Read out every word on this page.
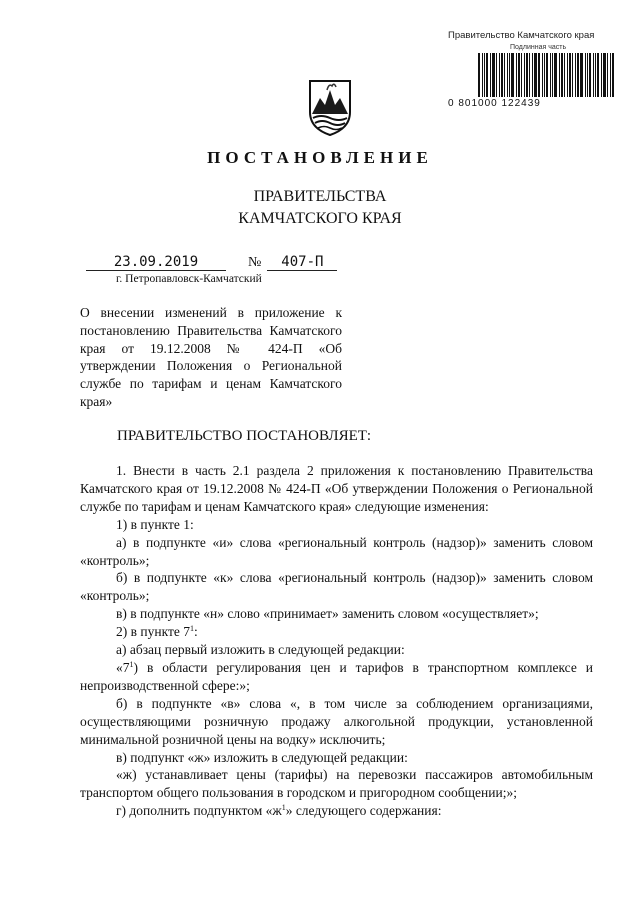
Правительство Камчатского края
Подлинная часть
0 801000 122439
ПОСТАНОВЛЕНИЕ
ПРАВИТЕЛЬСТВА
КАМЧАТСКОГО КРАЯ
23.09.2019	№ 407-П
г. Петропавловск-Камчатский
О внесении изменений в приложение к постановлению Правительства Камчатского края от 19.12.2008 № 424-П «Об утверждении Положения о Региональной службе по тарифам и ценам Камчатского края»
ПРАВИТЕЛЬСТВО ПОСТАНОВЛЯЕТ:

1. Внести в часть 2.1 раздела 2 приложения к постановлению Правительства Камчатского края от 19.12.2008 № 424-П «Об утверждении Положения о Региональной службе по тарифам и ценам Камчатского края» следующие изменения:

1) в пункте 1:

а) в подпункте «и» слова «региональный контроль (надзор)» заменить словом «контроль»;

б) в подпункте «к» слова «региональный контроль (надзор)» заменить словом «контроль»;

в) в подпункте «н» слово «принимает» заменить словом «осуществляет»;

2) в пункте $7^1$:

а) абзац первый изложить в следующей редакции:

«$7^1$) в области регулирования цен и тарифов в транспортном комплексе и непроизводственной сфере:»;

б) в подпункте «в» слова «, в том числе за соблюдением организациями, осуществляющими розничную продажу алкогольной продукции, установленной минимальной розничной цены на водку» исключить;

в) подпункт «ж» изложить в следующей редакции:

«ж) устанавливает цены (тарифы) на перевозки пассажиров автомобильным транспортом общего пользования в городском и пригородном сообщении;»;

г) дополнить подпунктом «$ж^1$» следующего содержания:
